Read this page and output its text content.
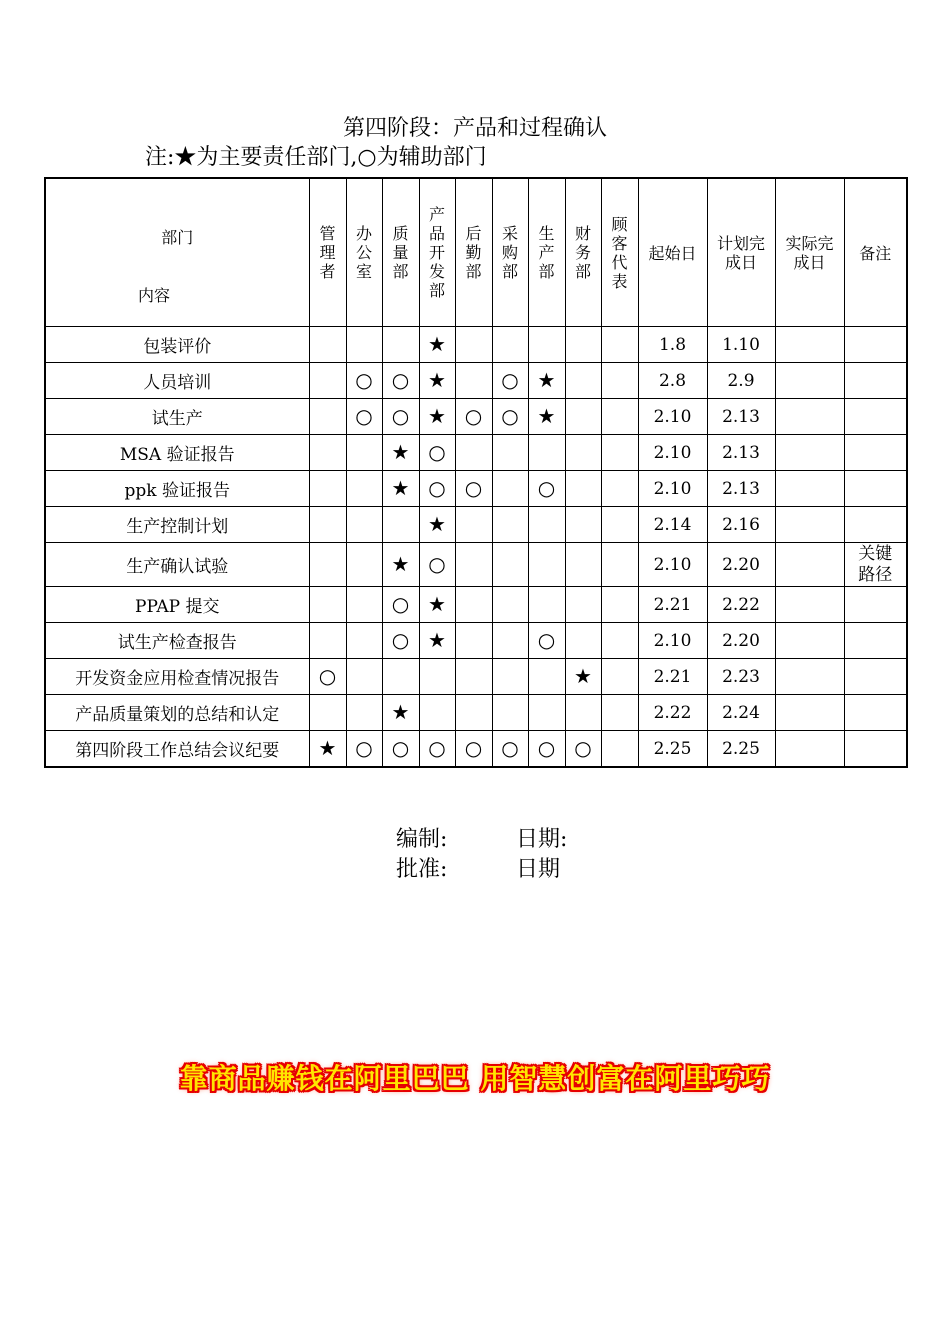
第四阶段：产品和过程确认
注:★为主要责任部门,○为辅助部门
部门
内容	管理者	办公室	质量部	产品开发部	后勤部	采购部	生产部	财务部	顾客代表	起始日	计划完成日	实际完成日	备注
包装评价				★						1.8	1.10		
人员培训		○	○	★		○	★			2.8	2.9		
试生产		○	○	★	○	○	★			2.10	2.13		
MSA 验证报告			★	○						2.10	2.13		
ppk 验证报告			★	○	○		○			2.10	2.13		
生产控制计划				★						2.14	2.16		
生产确认试验			★	○						2.10	2.20		关键路径
PPAP 提交			○	★						2.21	2.22		
试生产检查报告			○	★			○			2.10	2.20		
开发资金应用检查情况报告	○							★		2.21	2.23		
产品质量策划的总结和认定			★							2.22	2.24		
第四阶段工作总结会议纪要	★	○	○	○	○	○	○	○		2.25	2.25		
编制:	日期:
批准:	日期
靠商品赚钱在阿里巴巴 用智慧创富在阿里巧巧
